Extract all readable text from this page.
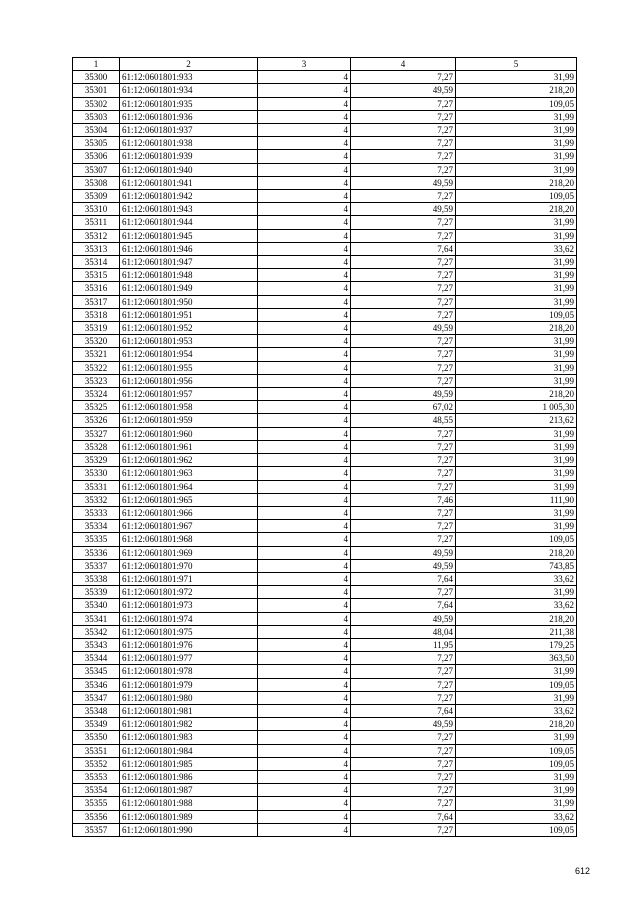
1	2	3	4	5
35300	61:12:0601801:933	4	7,27	31,99
35301	61:12:0601801:934	4	49,59	218,20
35302	61:12:0601801:935	4	7,27	109,05
35303	61:12:0601801:936	4	7,27	31,99
35304	61:12:0601801:937	4	7,27	31,99
35305	61:12:0601801:938	4	7,27	31,99
35306	61:12:0601801:939	4	7,27	31,99
35307	61:12:0601801:940	4	7,27	31,99
35308	61:12:0601801:941	4	49,59	218,20
35309	61:12:0601801:942	4	7,27	109,05
35310	61:12:0601801:943	4	49,59	218,20
35311	61:12:0601801:944	4	7,27	31,99
35312	61:12:0601801:945	4	7,27	31,99
35313	61:12:0601801:946	4	7,64	33,62
35314	61:12:0601801:947	4	7,27	31,99
35315	61:12:0601801:948	4	7,27	31,99
35316	61:12:0601801:949	4	7,27	31,99
35317	61:12:0601801:950	4	7,27	31,99
35318	61:12:0601801:951	4	7,27	109,05
35319	61:12:0601801:952	4	49,59	218,20
35320	61:12:0601801:953	4	7,27	31,99
35321	61:12:0601801:954	4	7,27	31,99
35322	61:12:0601801:955	4	7,27	31,99
35323	61:12:0601801:956	4	7,27	31,99
35324	61:12:0601801:957	4	49,59	218,20
35325	61:12:0601801:958	4	67,02	1 005,30
35326	61:12:0601801:959	4	48,55	213,62
35327	61:12:0601801:960	4	7,27	31,99
35328	61:12:0601801:961	4	7,27	31,99
35329	61:12:0601801:962	4	7,27	31,99
35330	61:12:0601801:963	4	7,27	31,99
35331	61:12:0601801:964	4	7,27	31,99
35332	61:12:0601801:965	4	7,46	111,90
35333	61:12:0601801:966	4	7,27	31,99
35334	61:12:0601801:967	4	7,27	31,99
35335	61:12:0601801:968	4	7,27	109,05
35336	61:12:0601801:969	4	49,59	218,20
35337	61:12:0601801:970	4	49,59	743,85
35338	61:12:0601801:971	4	7,64	33,62
35339	61:12:0601801:972	4	7,27	31,99
35340	61:12:0601801:973	4	7,64	33,62
35341	61:12:0601801:974	4	49,59	218,20
35342	61:12:0601801:975	4	48,04	211,38
35343	61:12:0601801:976	4	11,95	179,25
35344	61:12:0601801:977	4	7,27	363,50
35345	61:12:0601801:978	4	7,27	31,99
35346	61:12:0601801:979	4	7,27	109,05
35347	61:12:0601801:980	4	7,27	31,99
35348	61:12:0601801:981	4	7,64	33,62
35349	61:12:0601801:982	4	49,59	218,20
35350	61:12:0601801:983	4	7,27	31,99
35351	61:12:0601801:984	4	7,27	109,05
35352	61:12:0601801:985	4	7,27	109,05
35353	61:12:0601801:986	4	7,27	31,99
35354	61:12:0601801:987	4	7,27	31,99
35355	61:12:0601801:988	4	7,27	31,99
35356	61:12:0601801:989	4	7,64	33,62
35357	61:12:0601801:990	4	7,27	109,05
612
